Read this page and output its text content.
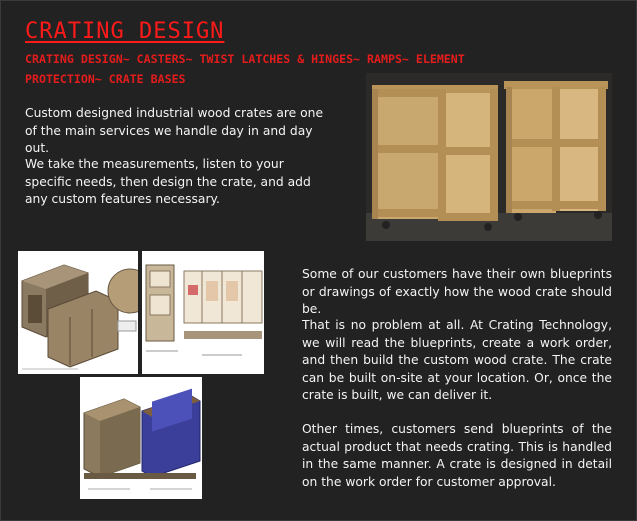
CRATING DESIGN
CRATING DESIGN~ CASTERS~ TWIST LATCHES & HINGES~ RAMPS~ ELEMENT PROTECTION~ CRATE BASES

Custom designed industrial wood crates are one of the main services we handle day in and day out.

We take the measurements, listen to your specific needs, then design the crate, and add any custom features necessary.

Some of our customers have their own blueprints or drawings of exactly how the wood crate should be.

That is no problem at all. At Crating Technology, we will read the blueprints, create a work order, and then build the custom wood crate. The crate can be built on-site at your location. Or, once the crate is built, we can deliver it.

Other times, customers send blueprints of the actual product that needs crating. This is handled in the same manner. A crate is designed in detail on the work order for customer approval.
